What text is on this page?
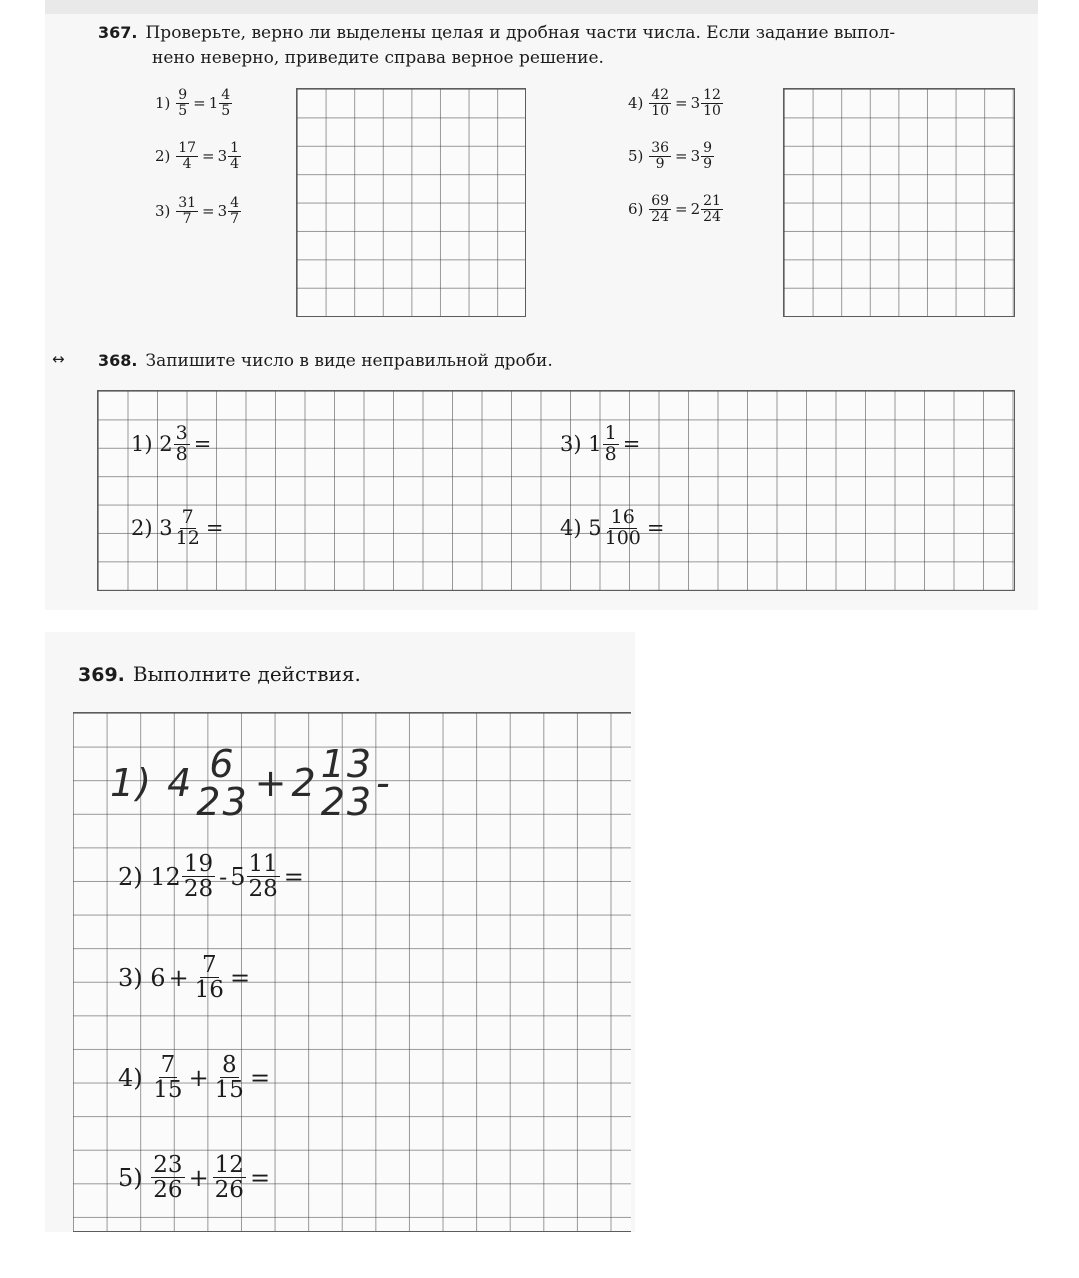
367. Проверьте, верно ли выделены целая и дробная части числа. Если задание выпол-
нено неверно, приведите справа верное решение.
1)
$\frac{9}{5} = 1 \frac{4}{5}$
2)
$\frac{17}{4} = 3 \frac{1}{4}$
3)
$\frac{31}{7} = 3 \frac{4}{7}$
4)
$\frac{42}{10} = 3 \frac{12}{10}$
5)
$\frac{36}{9} = 3 \frac{9}{9}$
6)
$\frac{69}{24} = 2 \frac{21}{24}$
↔ 368. Запишите число в виде неправильной дроби.
1)
$2 \frac{3}{8}$ =
2)
$3 \frac{7}{12}$ =
3)
$1 \frac{1}{8}$ =
4)
$5 \frac{16}{100}$ =
369. Выполните действия.
1)
4 6
23 + 2 13
23 -
2)
$12 \frac{19}{28} - 5 \frac{11}{28}$ =
3)
$6 + \frac{7}{16}$ =
4)
$\frac{7}{15} + \frac{8}{15}$ =
5)
$\frac{23}{26} + \frac{12}{26}$ =
